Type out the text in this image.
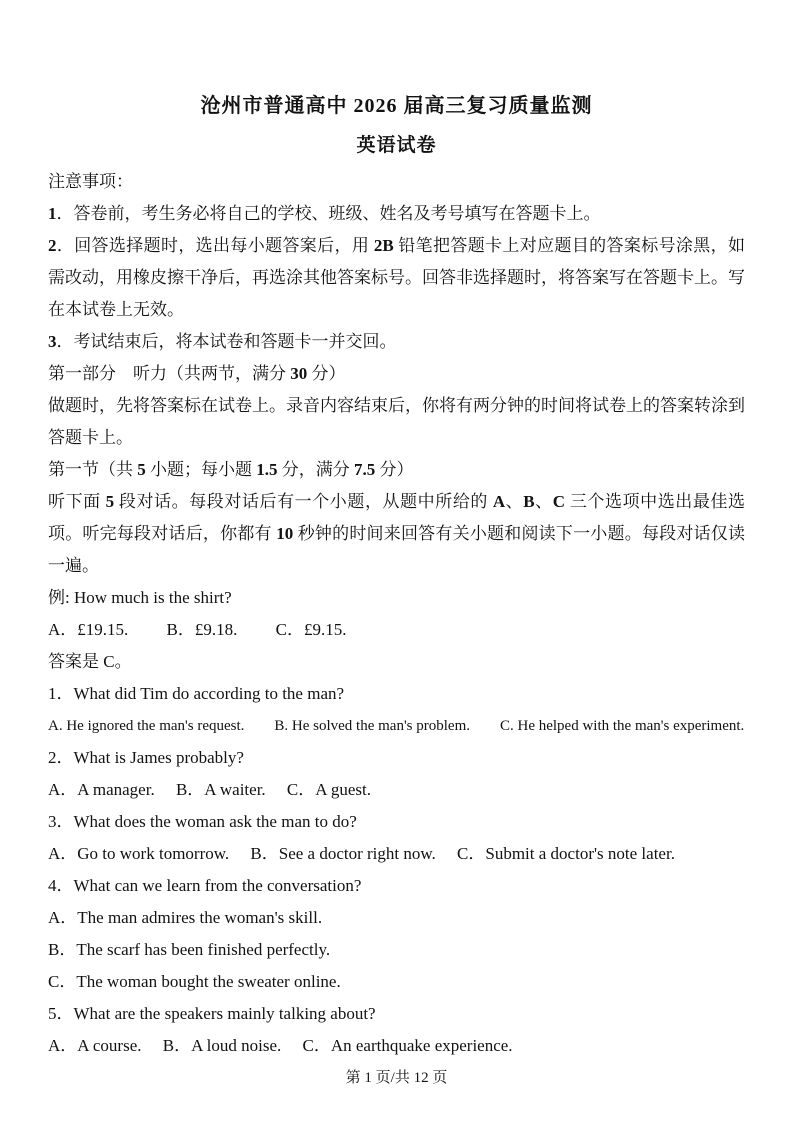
沧州市普通高中 2026 届高三复习质量监测
英语试卷
注意事项：
1．答卷前，考生务必将自己的学校、班级、姓名及考号填写在答题卡上。
2．回答选择题时，选出每小题答案后，用 2B 铅笔把答题卡上对应题目的答案标号涂黑，如需改动，用橡皮擦干净后，再选涂其他答案标号。回答非选择题时，将答案写在答题卡上。写在本试卷上无效。
3．考试结束后，将本试卷和答题卡一并交回。
第一部分　听力（共两节，满分 30 分）
做题时，先将答案标在试卷上。录音内容结束后，你将有两分钟的时间将试卷上的答案转涂到答题卡上。
第一节（共 5 小题；每小题 1.5 分，满分 7.5 分）
听下面 5 段对话。每段对话后有一个小题，从题中所给的 A、B、C 三个选项中选出最佳选项。听完每段对话后，你都有 10 秒钟的时间来回答有关小题和阅读下一小题。每段对话仅读一遍。
例: How much is the shirt?
A．£19.15.　　 B．£9.18.　　 C．£9.15.
答案是 C。
1．What did Tim do according to the man?
A. He ignored the man's request.　　B. He solved the man's problem.　　C. He helped with the man's experiment.
2．What is James probably?
A．A manager.　 B．A waiter.　 C．A guest.
3．What does the woman ask the man to do?
A．Go to work tomorrow.　 B．See a doctor right now.　 C．Submit a doctor's note later.
4．What can we learn from the conversation?
A．The man admires the woman's skill.
B．The scarf has been finished perfectly.
C．The woman bought the sweater online.
5．What are the speakers mainly talking about?
A．A course.　 B．A loud noise.　 C．An earthquake experience.
第 1 页/共 12 页
